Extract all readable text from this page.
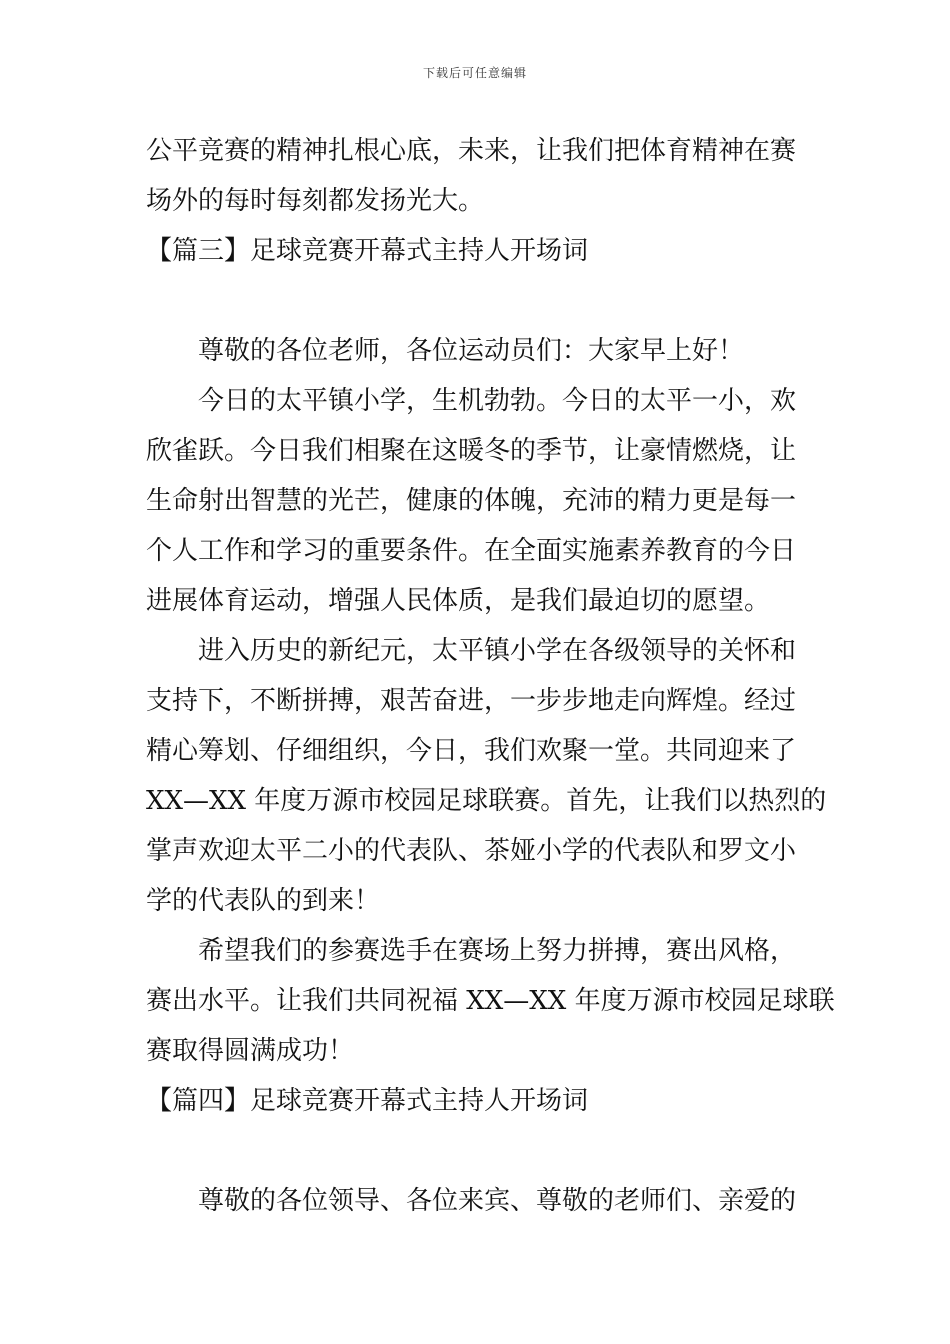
下载后可任意编辑
公平竞赛的精神扎根心底，未来，让我们把体育精神在赛
场外的每时每刻都发扬光大。
【篇三】足球竞赛开幕式主持人开场词
尊敬的各位老师，各位运动员们：大家早上好！
今日的太平镇小学，生机勃勃。今日的太平一小，欢
欣雀跃。今日我们相聚在这暖冬的季节，让豪情燃烧，让
生命射出智慧的光芒，健康的体魄，充沛的精力更是每一
个人工作和学习的重要条件。在全面实施素养教育的今日
进展体育运动，增强人民体质，是我们最迫切的愿望。
进入历史的新纪元，太平镇小学在各级领导的关怀和
支持下，不断拼搏，艰苦奋进，一步步地走向辉煌。经过
精心筹划、仔细组织，今日，我们欢聚一堂。共同迎来了
XX—XX 年度万源市校园足球联赛。首先，让我们以热烈的
掌声欢迎太平二小的代表队、茶娅小学的代表队和罗文小
学的代表队的到来！
希望我们的参赛选手在赛场上努力拼搏，赛出风格，
赛出水平。让我们共同祝福 XX—XX 年度万源市校园足球联
赛取得圆满成功！
【篇四】足球竞赛开幕式主持人开场词
尊敬的各位领导、各位来宾、尊敬的老师们、亲爱的
